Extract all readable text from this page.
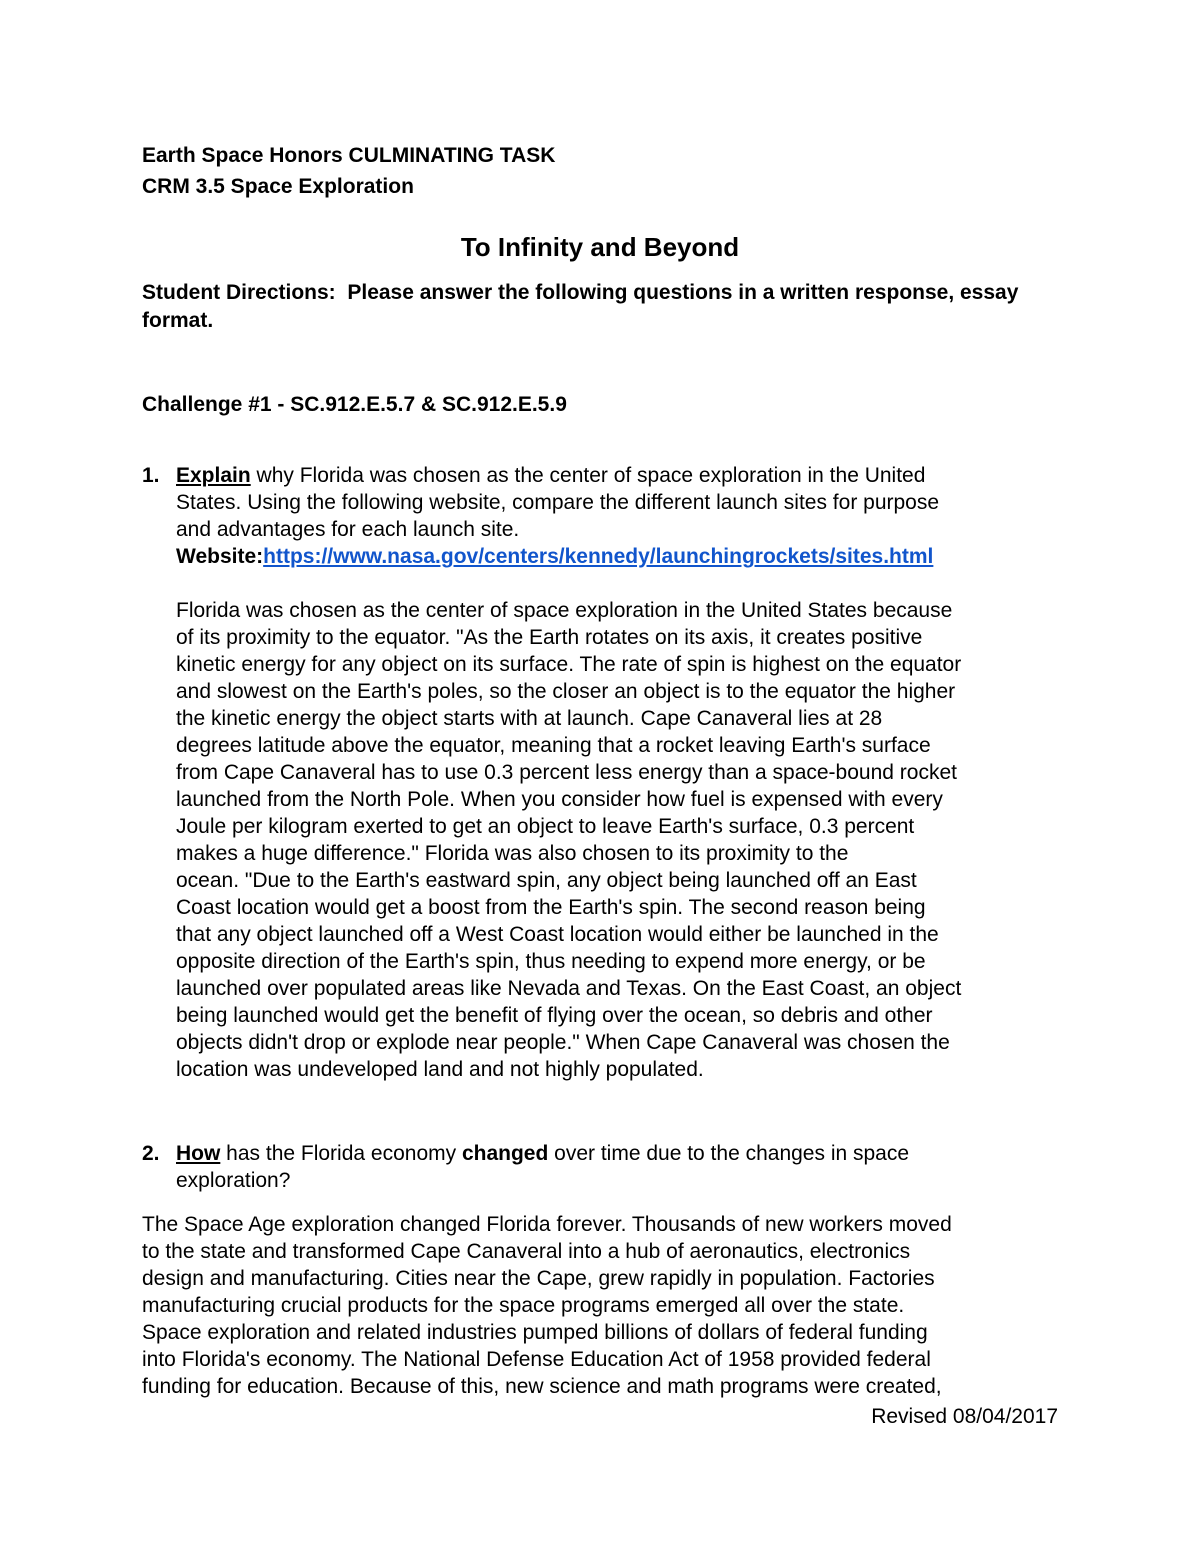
Earth Space Honors CULMINATING TASK
CRM 3.5 Space Exploration
To Infinity and Beyond
Student Directions: Please answer the following questions in a written response, essay format.
Challenge #1 - SC.912.E.5.7 & SC.912.E.5.9
1. Explain why Florida was chosen as the center of space exploration in the United
States. Using the following website, compare the different launch sites for purpose
and advantages for each launch site.
Website:https://www.nasa.gov/centers/kennedy/launchingrockets/sites.html
Florida was chosen as the center of space exploration in the United States because
of its proximity to the equator. "As the Earth rotates on its axis, it creates positive
kinetic energy for any object on its surface. The rate of spin is highest on the equator
and slowest on the Earth's poles, so the closer an object is to the equator the higher
the kinetic energy the object starts with at launch. Cape Canaveral lies at 28
degrees latitude above the equator, meaning that a rocket leaving Earth's surface
from Cape Canaveral has to use 0.3 percent less energy than a space-bound rocket
launched from the North Pole. When you consider how fuel is expensed with every
Joule per kilogram exerted to get an object to leave Earth's surface, 0.3 percent
makes a huge difference." Florida was also chosen to its proximity to the
ocean. "Due to the Earth's eastward spin, any object being launched off an East
Coast location would get a boost from the Earth's spin. The second reason being
that any object launched off a West Coast location would either be launched in the
opposite direction of the Earth's spin, thus needing to expend more energy, or be
launched over populated areas like Nevada and Texas. On the East Coast, an object
being launched would get the benefit of flying over the ocean, so debris and other
objects didn't drop or explode near people." When Cape Canaveral was chosen the
location was undeveloped land and not highly populated.
2. How has the Florida economy changed over time due to the changes in space
exploration?
The Space Age exploration changed Florida forever. Thousands of new workers moved
to the state and transformed Cape Canaveral into a hub of aeronautics, electronics
design and manufacturing. Cities near the Cape, grew rapidly in population. Factories
manufacturing crucial products for the space programs emerged all over the state.
Space exploration and related industries pumped billions of dollars of federal funding
into Florida's economy. The National Defense Education Act of 1958 provided federal
funding for education. Because of this, new science and math programs were created,
Revised 08/04/2017
